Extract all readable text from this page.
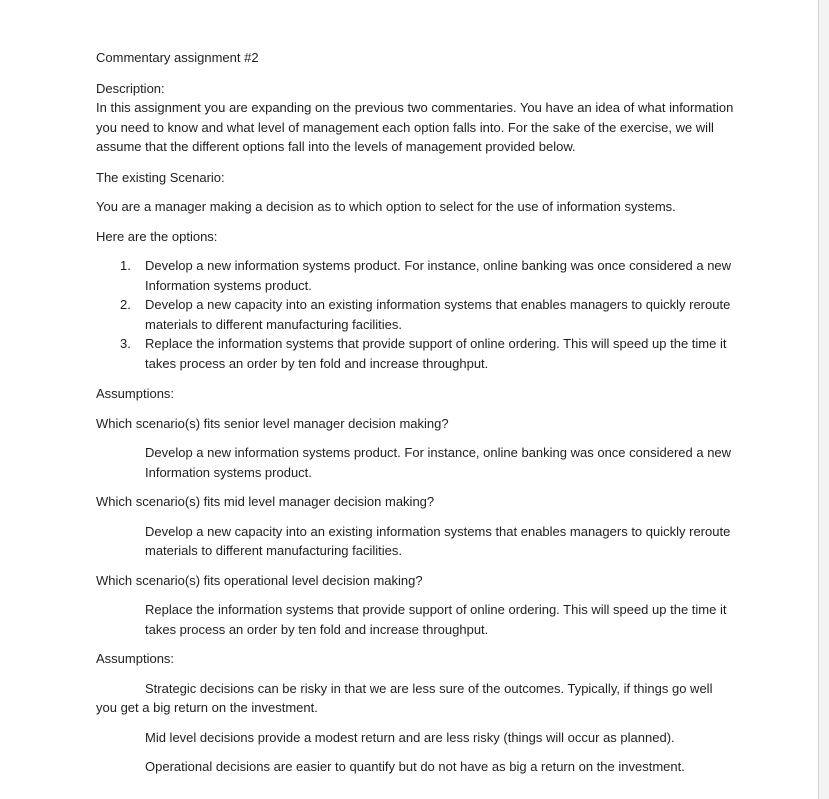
Commentary assignment #2

Description:

In this assignment you are expanding on the previous two commentaries. You have an idea of what information you need to know and what level of management each option falls into. For the sake of the exercise, we will assume that the different options fall into the levels of management provided below.

The existing Scenario:

You are a manager making a decision as to which option to select for the use of information systems.

Here are the options:

1. Develop a new information systems product. For instance, online banking was once considered a new Information systems product.
2. Develop a new capacity into an existing information systems that enables managers to quickly reroute materials to different manufacturing facilities.
3. Replace the information systems that provide support of online ordering. This will speed up the time it takes process an order by ten fold and increase throughput.

Assumptions:

Which scenario(s) fits senior level manager decision making?

Develop a new information systems product. For instance, online banking was once considered a new Information systems product.

Which scenario(s) fits mid level manager decision making?

Develop a new capacity into an existing information systems that enables managers to quickly reroute materials to different manufacturing facilities.

Which scenario(s) fits operational level decision making?

Replace the information systems that provide support of online ordering. This will speed up the time it takes process an order by ten fold and increase throughput.

Assumptions:

Strategic decisions can be risky in that we are less sure of the outcomes. Typically, if things go well you get a big return on the investment.

Mid level decisions provide a modest return and are less risky (things will occur as planned).

Operational decisions are easier to quantify but do not have as big a return on the investment.
